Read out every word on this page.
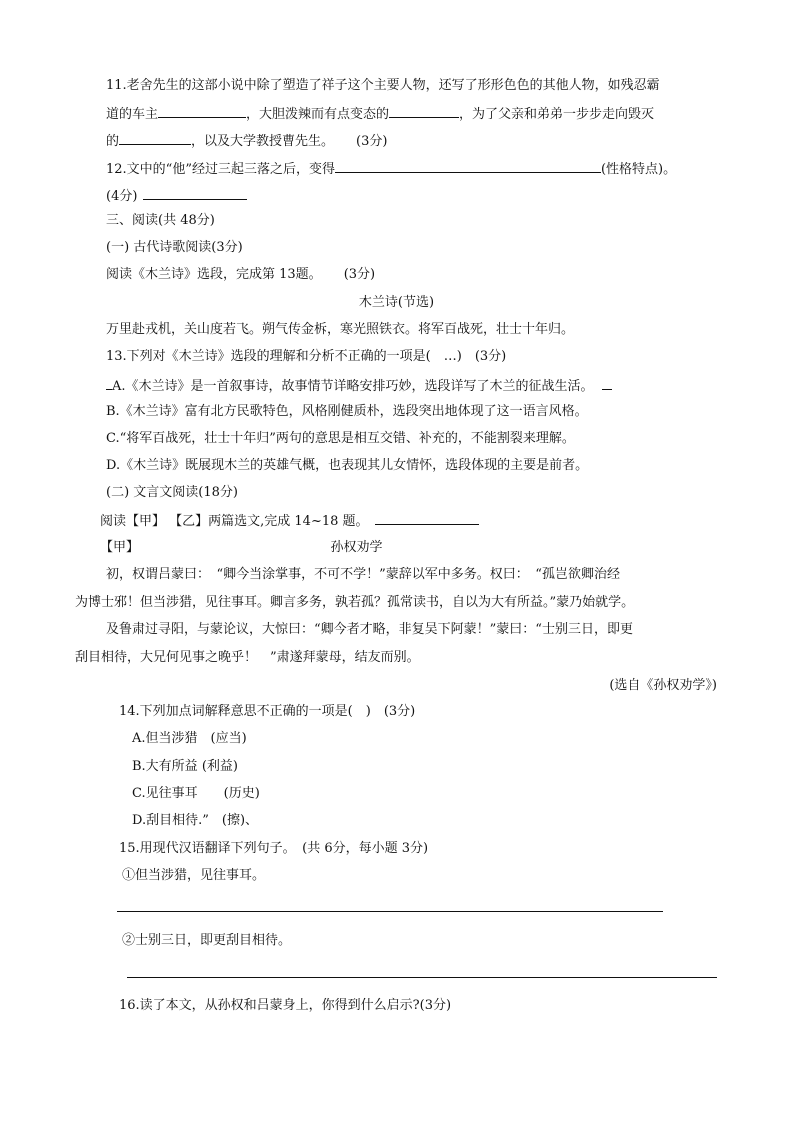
11.老舍先生的这部小说中除了塑造了祥子这个主要人物，还写了形形色色的其他人物，如残忍霸
道的车主	，大胆泼辣而有点变态的	，为了父亲和弟弟一步步走向毁灭
的	，以及大学教授曹先生。 (3分)
12.文中的“他”经过三起三落之后，变得	(性格特点)。
(4分)
三、阅读(共 48分)
(一) 古代诗歌阅读(3分)
阅读《木兰诗》选段，完成第 13题。 (3分)
木兰诗(节选)
万里赴戎机，关山度若飞。朔气传金柝，寒光照铁衣。将军百战死，壮士十年归。
13.下列对《木兰诗》选段的理解和分析不正确的一项是(　…)　(3分)
A.《木兰诗》是一首叙事诗，故事情节详略安排巧妙，选段详写了木兰的征战生活。
B.《木兰诗》富有北方民歌特色，风格刚健质朴，选段突出地体现了这一语言风格。
C.“将军百战死，壮士十年归”两句的意思是相互交错、补充的，不能割裂来理解。
D.《木兰诗》既展现木兰的英雄气概，也表现其儿女情怀，选段体现的主要是前者。
(二) 文言文阅读(18分)
阅读【甲】 【乙】两篇选文,完成 14~18 题。
【甲】	孙权劝学
初，权谓吕蒙曰：　“卿今当涂掌事，不可不学！”蒙辞以军中多务。权曰：　“孤岂欲卿治经
为博士邪！但当涉猎，见往事耳。卿言多务，孰若孤？孤常读书，自以为大有所益。”蒙乃始就学。
及鲁肃过寻阳，与蒙论议，大惊曰：“卿今者才略，非复吴下阿蒙！”蒙曰：“士别三日，即更
刮目相待，大兄何见事之晚乎！　”肃遂拜蒙母，结友而别。
(选自《孙权劝学》)
14.下列加点词解释意思不正确的一项是(　)　(3分)
A.但当涉猎　(应当)
B.大有所益 (利益)
C.见往事耳　　(历史)
D.刮目相待.”　(擦)、
15.用现代汉语翻译下列句子。　(共 6分，每小题 3分)
①但当涉猎，见往事耳。
②士别三日，即更刮目相待。
16.读了本文，从孙权和吕蒙身上，你得到什么启示?(3分)
